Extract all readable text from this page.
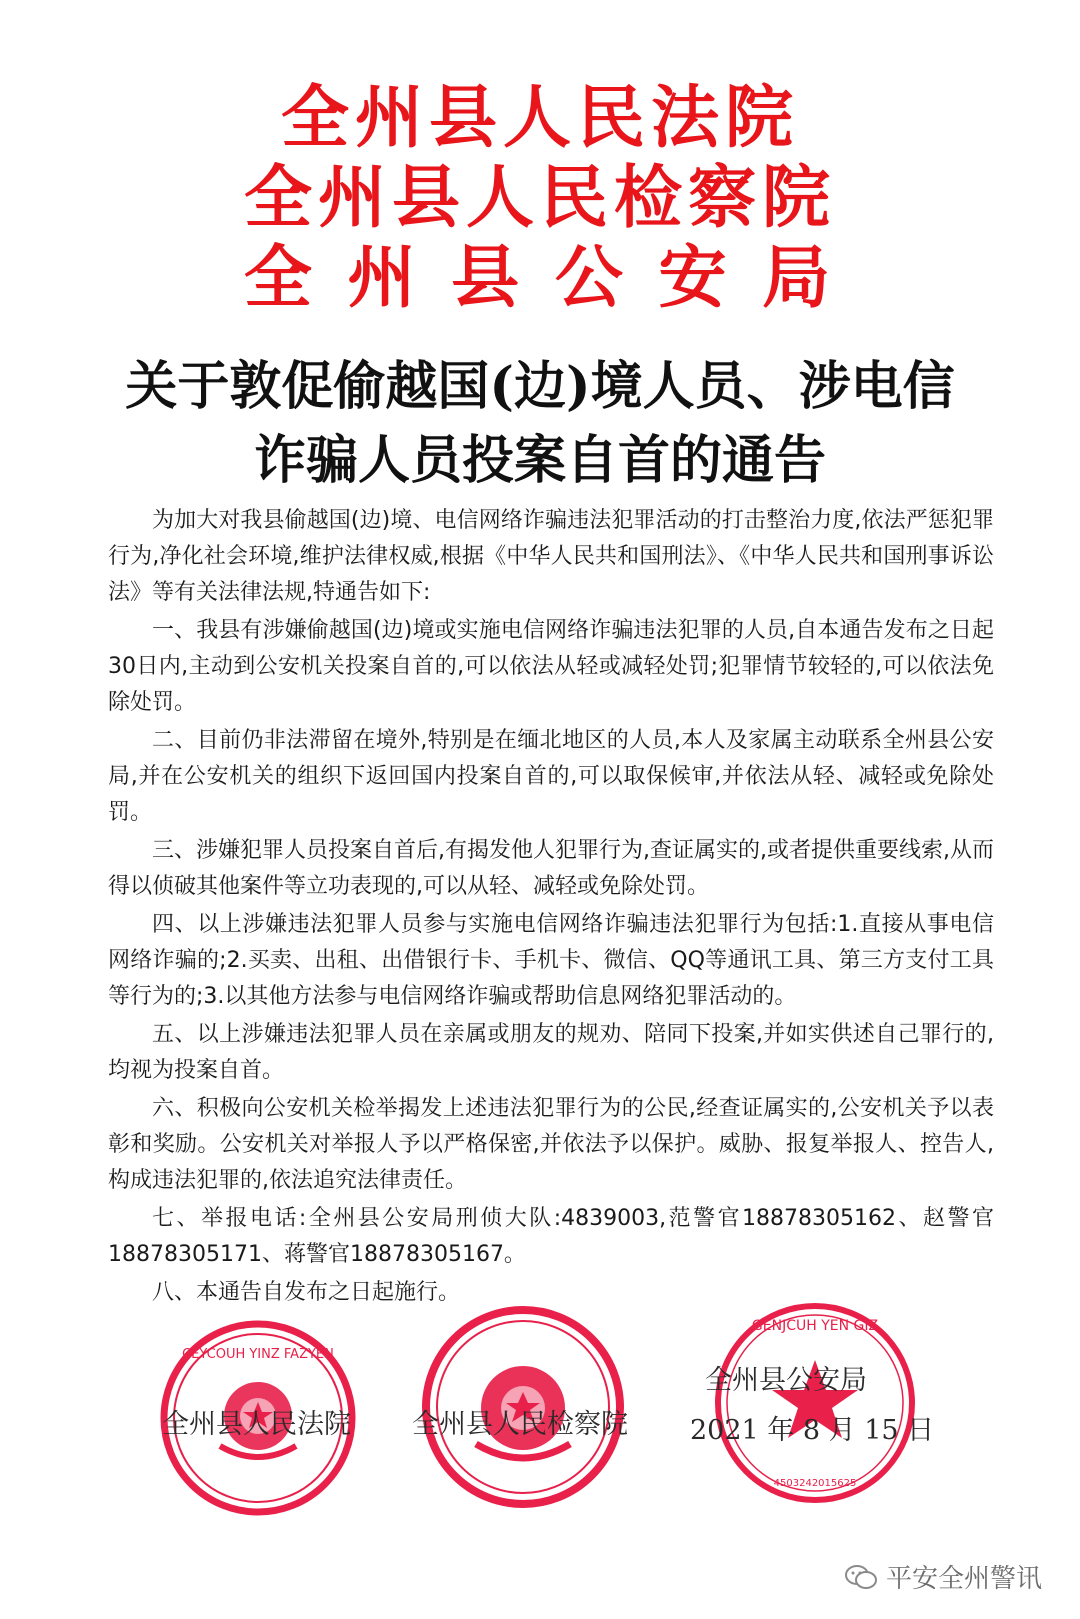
全州县人民法院
全州县人民检察院
全 州 县 公 安 局
关于敦促偷越国(边)境人员、涉电信
诈骗人员投案自首的通告

为加大对我县偷越国(边)境、电信网络诈骗违法犯罪活动的打击整治力度,依法严惩犯罪行为,净化社会环境,维护法律权威,根据《中华人民共和国刑法》、《中华人民共和国刑事诉讼法》等有关法律法规,特通告如下:

一、我县有涉嫌偷越国(边)境或实施电信网络诈骗违法犯罪的人员,自本通告发布之日起30日内,主动到公安机关投案自首的,可以依法从轻或减轻处罚;犯罪情节较轻的,可以依法免除处罚。

二、目前仍非法滞留在境外,特别是在缅北地区的人员,本人及家属主动联系全州县公安局,并在公安机关的组织下返回国内投案自首的,可以取保候审,并依法从轻、减轻或免除处罚。

三、涉嫌犯罪人员投案自首后,有揭发他人犯罪行为,查证属实的,或者提供重要线索,从而得以侦破其他案件等立功表现的,可以从轻、减轻或免除处罚。

四、以上涉嫌违法犯罪人员参与实施电信网络诈骗违法犯罪行为包括:1.直接从事电信网络诈骗的;2.买卖、出租、出借银行卡、手机卡、微信、QQ等通讯工具、第三方支付工具等行为的;3.以其他方法参与电信网络诈骗或帮助信息网络犯罪活动的。

五、以上涉嫌违法犯罪人员在亲属或朋友的规劝、陪同下投案,并如实供述自己罪行的,均视为投案自首。

六、积极向公安机关检举揭发上述违法犯罪行为的公民,经查证属实的,公安机关予以表彰和奖励。公安机关对举报人予以严格保密,并依法予以保护。威胁、报复举报人、控告人,构成违法犯罪的,依法追究法律责任。

七、举报电话:全州县公安局刑侦大队:4839003,范警官18878305162、赵警官18878305171、蒋警官18878305167。

八、本通告自发布之日起施行。

CEYCOUH YINZ FAZYEN
全州县人民法院 全州县人民检察院
GENJCUH YEN GIZ
4503242015625
全州县公安局
2021 年 8 月 15 日
平安全州警讯
